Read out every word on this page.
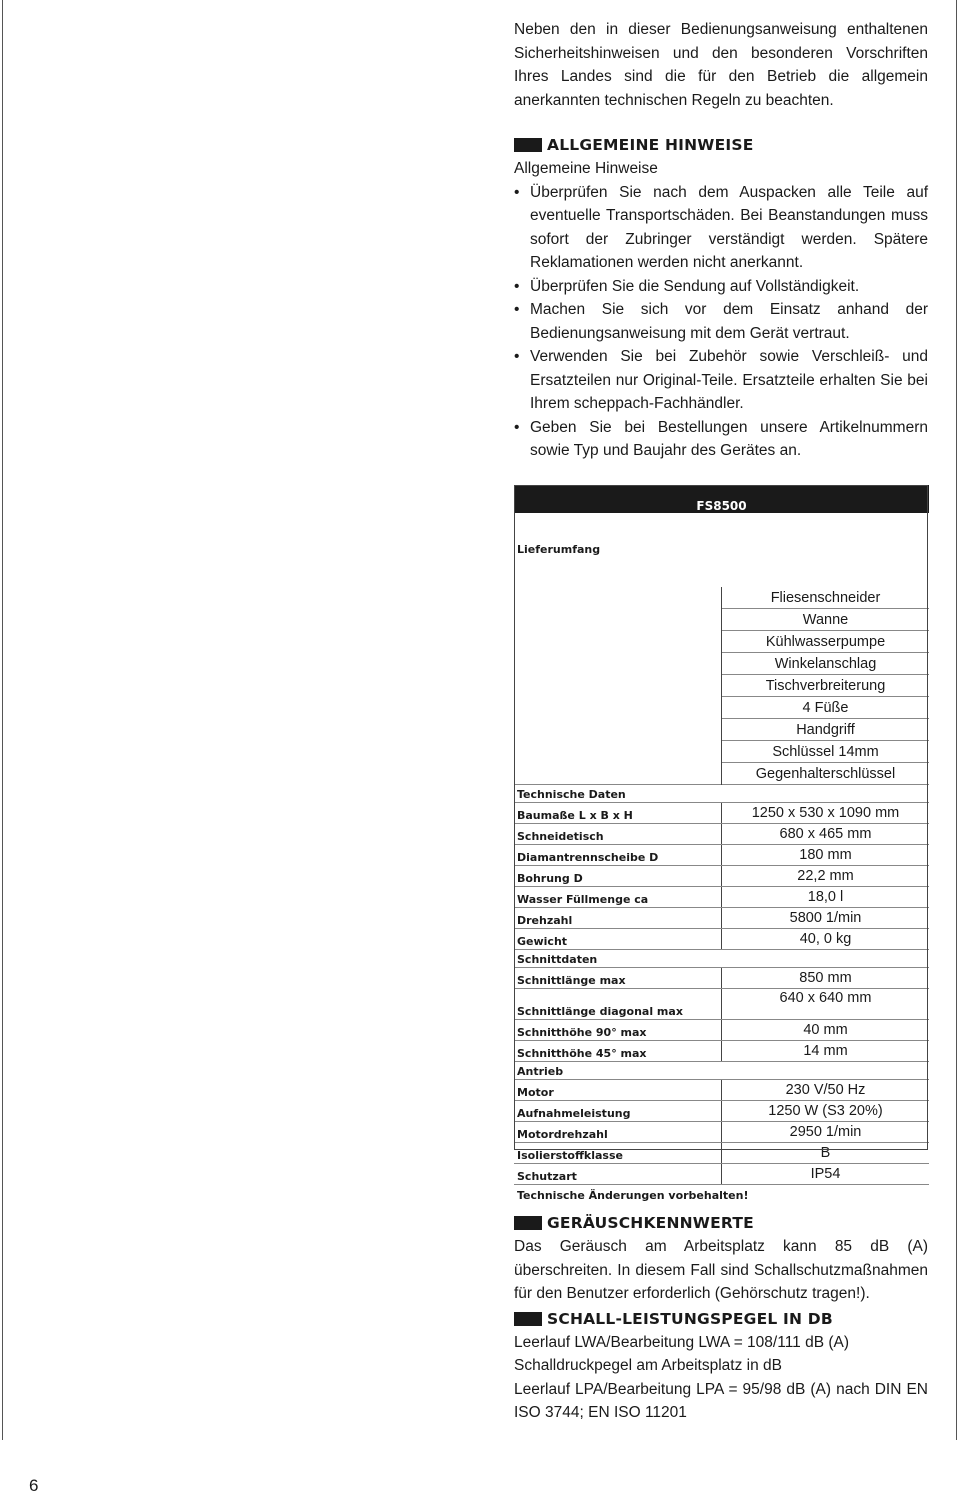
Neben den in dieser Bedienungsanweisung enthaltenen Sicherheitshinweisen und den besonderen Vorschriften Ihres Landes sind die für den Betrieb die allgemein anerkannten technischen Regeln zu beachten.

ALLGEMEINE HINWEISE
Allgemeine Hinweise
• Überprüfen Sie nach dem Auspacken alle Teile auf eventuelle Transportschäden. Bei Beanstandungen muss sofort der Zubringer verständigt werden. Spätere Reklamationen werden nicht anerkannt.
• Überprüfen Sie die Sendung auf Vollständigkeit.
• Machen Sie sich vor dem Einsatz anhand der Bedienungsanweisung mit dem Gerät vertraut.
• Verwenden Sie bei Zubehör sowie Verschleiß- und Ersatzteilen nur Original-Teile. Ersatzteile erhalten Sie bei Ihrem scheppach-Fachhändler.
• Geben Sie bei Bestellungen unsere Artikelnummern sowie Typ und Baujahr des Gerätes an.
FS8500	
Lieferumfang	
	Fliesenschneider
	Wanne
	Kühlwasserpumpe
	Winkelanschlag
	Tischverbreiterung
	4 Füße
	Handgriff
	Schlüssel 14mm
	Gegenhalterschlüssel
Technische Daten	
Baumaße L x B x H	1250 x 530 x 1090 mm
Schneidetisch	680 x 465 mm
Diamantrennscheibe D	180 mm
Bohrung D	22,2 mm
Wasser Füllmenge ca	18,0 l
Drehzahl	5800 1/min
Gewicht	40, 0 kg
Schnittdaten	
Schnittlänge max	850 mm
Schnittlänge diagonal max	640 x 640 mm
Schnitthöhe 90° max	40 mm
Schnitthöhe 45° max	14 mm
Antrieb	
Motor	230 V/50 Hz
Aufnahmeleistung	1250 W (S3 20%)
Motordrehzahl	2950 1/min
Isolierstoffklasse	B
Schutzart	IP54
Technische Änderungen vorbehalten!	
GERÄUSCHKENNWERTE

Das Geräusch am Arbeitsplatz kann 85 dB (A) überschreiten. In diesem Fall sind Schallschutzmaßnahmen für den Benutzer erforderlich (Gehörschutz tragen!).

SCHALL-LEISTUNGSPEGEL IN DB

Leerlauf LWA/Bearbeitung LWA = 108/111 dB (A)

Schalldruckpegel am Arbeitsplatz in dB

Leerlauf LPA/Bearbeitung LPA = 95/98 dB (A) nach DIN EN ISO 3744; EN ISO 11201

6
